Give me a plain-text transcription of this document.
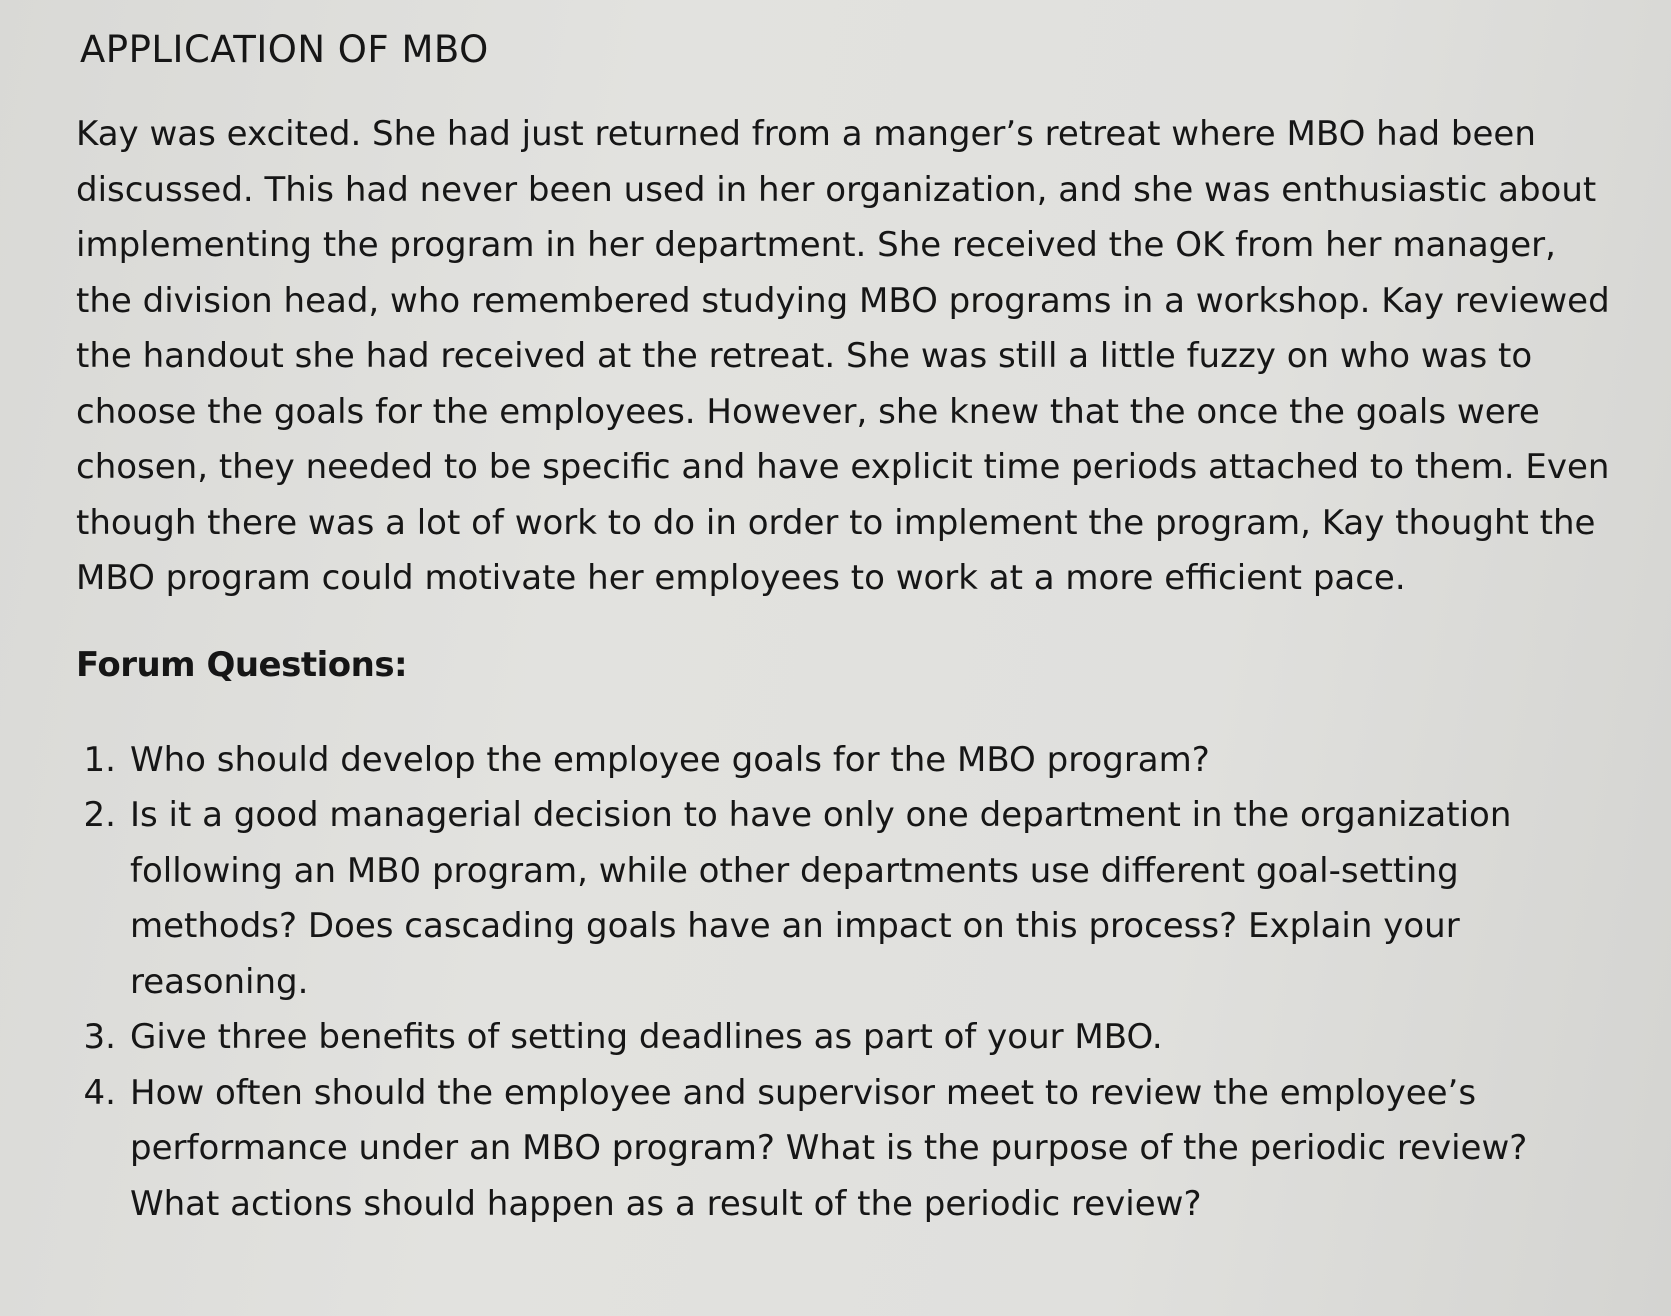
APPLICATION OF MBO

Kay was excited. She had just returned from a manger’s retreat where MBO had been discussed. This had never been used in her organization, and she was enthusiastic about implementing the program in her department. She received the OK from her manager, the division head, who remembered studying MBO programs in a workshop. Kay reviewed the handout she had received at the retreat. She was still a little fuzzy on who was to choose the goals for the employees. However, she knew that the once the goals were chosen, they needed to be specific and have explicit time periods attached to them. Even though there was a lot of work to do in order to implement the program, Kay thought the MBO program could motivate her employees to work at a more efficient pace.

Forum Questions:
1. Who should develop the employee goals for the MBO program?
2. Is it a good managerial decision to have only one department in the organization following an MB0 program, while other departments use different goal-setting methods? Does cascading goals have an impact on this process? Explain your reasoning.
3. Give three benefits of setting deadlines as part of your MBO.
4. How often should the employee and supervisor meet to review the employee’s performance under an MBO program? What is the purpose of the periodic review? What actions should happen as a result of the periodic review?
